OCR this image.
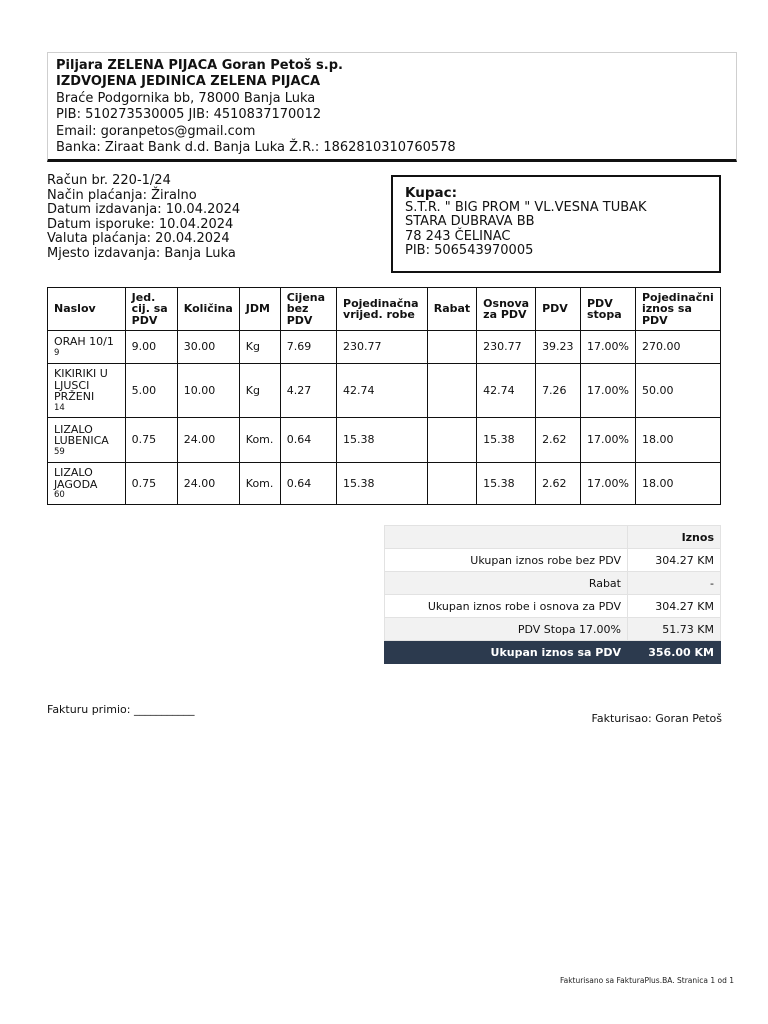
Piljara ZELENA PIJACA Goran Petoš s.p.
IZDVOJENA JEDINICA ZELENA PIJACA
Braće Podgornika bb, 78000 Banja Luka
PIB: 510273530005 JIB: 4510837170012
Email: goranpetos@gmail.com
Banka: Ziraat Bank d.d. Banja Luka Ž.R.: 1862810310760578
Račun br. 220-1/24
Način plaćanja: Žiralno
Datum izdavanja: 10.04.2024
Datum isporuke: 10.04.2024
Valuta plaćanja: 20.04.2024
Mjesto izdavanja: Banja Luka
Kupac:
S.T.R. " BIG PROM " VL.VESNA TUBAK
STARA DUBRAVA BB
78 243 ČELINAC
PIB: 506543970005
Naslov	Jed. cij. sa PDV	Količina	JDM	Cijena bez PDV	Pojedinačna vrijed. robe	Rabat	Osnova za PDV	PDV	PDV stopa	Pojedinačni iznos sa PDV
ORAH 10/1
9	9.00	30.00	Kg	7.69	230.77		230.77	39.23	17.00%	270.00
KIKIRIKI U LJUSCI PRŽENI
14	5.00	10.00	Kg	4.27	42.74		42.74	7.26	17.00%	50.00
LIZALO LUBENICA
59	0.75	24.00	Kom.	0.64	15.38		15.38	2.62	17.00%	18.00
LIZALO JAGODA
60	0.75	24.00	Kom.	0.64	15.38		15.38	2.62	17.00%	18.00
	Iznos
Ukupan iznos robe bez PDV	304.27 KM
Rabat	-
Ukupan iznos robe i osnova za PDV	304.27 KM
PDV Stopa 17.00%	51.73 KM
Ukupan iznos sa PDV	356.00 KM
Fakturu primio: ___________
Fakturisao: Goran Petoš
Fakturisano sa FakturaPlus.BA. Stranica 1 od 1
